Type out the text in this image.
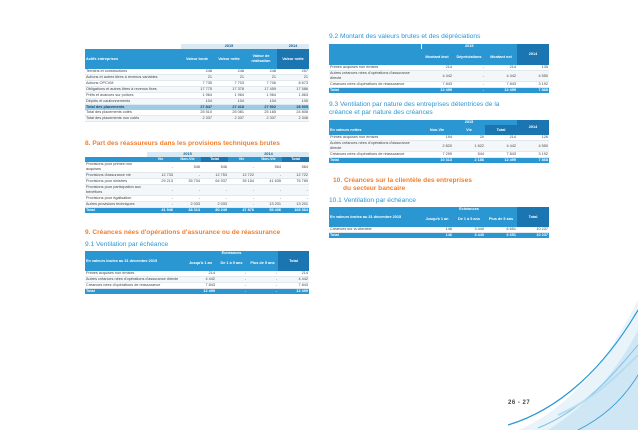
	2015			2014
Actifs entreprises	Valeur brute	Valeur nette	Valeur de réalisation	Valeur nette
Terrains et constructions	248	248	248	257
Actions et autres titres à revenus variables	21	21	21	21
Actions OPCVM	7 735	7 703	7 706	8 673
Obligations et autres titres à revenus fixes	17 775	17 378	17 459	17 586
Prêts et avances sur polices	1 964	1 964	1 964	1 863
Dépôts et cautionnements	104	104	104	105
Total des placements	27 847	27 418	27 502	28 505
Total des placements cotés	25 510	25 081	25 165	24 808
Total des placements non cotés	2 337	2 337	2 337	2 346
8. Part des réassureurs dans les provisions techniques brutes
	2015			2014		
	Vie	Non-Vie	Total	Vie	Non-Vie	Total
Provisions pour primes non acquises	-	546	546	-	564	564
Provisions d'assurance vie	12 733	-	12 753	12 722	-	12 722
Provisions pour sinistres	29 213	35 734	64 937	35 154	41 635	76 789
Provisions pour participation aux bénéfices	-	-	-	-	-	-
Provisions pour égalisation	-	-	-	-	-	-
Autres provisions techniques	-	2 033	2 033	-	13 201	13 201
Total	41 946	38 313	80 249	47 876	55 436	103 364
9. Créances nées d'opérations d'assurance ou de réassurance
9.1 Ventilation par échéance
En valeurs brutes au 31 décembre 2015	Échéances			Total
	Jusqu'à 1 an	De 1 à 5 ans	Plus de 5 ans	
Primes acquises non émises	214	-	-	214
Autres créances nées d'opérations d'assurance directe	4 442	-	-	4 442
Créances nées d'opérations de réassurance	7 843	-	-	7 843
Total	12 499	-	-	12 499
9.2 Montant des valeurs brutes et des dépréciations
	2015			2014
	Montant brut	Dépréciations	Montant net	
Primes acquises non émises	214	-	214	135
Autres créances nées d'opérations d'assurance directe	4 442	-	4 442	4 550
Créances nées d'opérations de réassurance	7 843	-	7 843	3 192
Total	12 499	-	12 499	7 868
9.3 Ventilation par nature des entreprises détentrices de la créance et par nature des créances
	2015			2014
En valeurs nettes	Non-Vie	Vie	Total	
Primes acquises non émises	194	20	214	126
Autres créances nées d'opérations d'assurance directe	2 820	1 622	4 442	4 550
Créances nées d'opérations de réassurance	7 299	544	7 843	3 192
Total	10 313	2 186	12 499	7 868
10. Créances sur la clientèle des entreprises
du secteur bancaire
10.1 Ventilation par échéance
En valeurs brutes au 31 décembre 2015	Échéances			Total
	Jusqu'à 1 an	De 1 à 5 ans	Plus de 5 ans	
Créances sur la clientèle	146	3 440	6 651	10 237
Total	146	3 440	6 651	10 237
26 - 27
